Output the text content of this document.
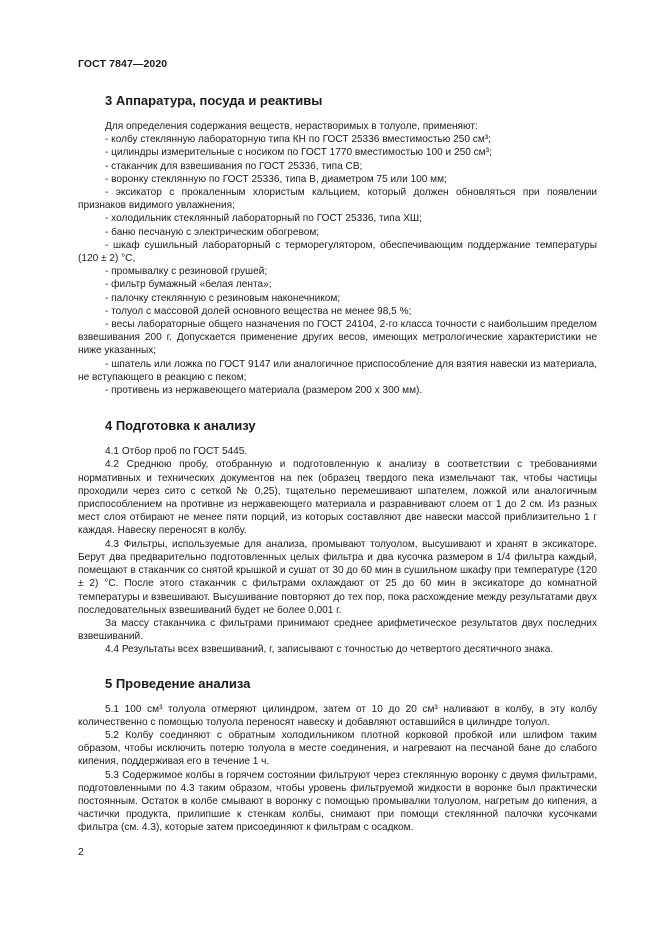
ГОСТ 7847—2020
3 Аппаратура, посуда и реактивы

Для определения содержания веществ, нерастворимых в толуоле, применяют:

- колбу стеклянную лабораторную типа КН по ГОСТ 25336 вместимостью 250 см³;
- цилиндры измерительные с носиком по ГОСТ 1770 вместимостью 100 и 250 см³;
- стаканчик для взвешивания по ГОСТ 25336, типа СВ;
- воронку стеклянную по ГОСТ 25336, типа В, диаметром 75 или 100 мм;
- эксикатор с прокаленным хлористым кальцием, который должен обновляться при появлении признаков видимого увлажнения;
- холодильник стеклянный лабораторный по ГОСТ 25336, типа ХШ;
- баню песчаную с электрическим обогревом;
- шкаф сушильный лабораторный с терморегулятором, обеспечивающим поддержание температуры (120 ± 2) °С,
- промывалку с резиновой грушей;
- фильтр бумажный «белая лента»;
- палочку стеклянную с резиновым наконечником;
- толуол с массовой долей основного вещества не менее 98,5 %;
- весы лабораторные общего назначения по ГОСТ 24104, 2-го класса точности с наибольшим пределом взвешивания 200 г. Допускается применение других весов, имеющих метрологические характеристики не ниже указанных;
- шпатель или ложка по ГОСТ 9147 или аналогичное приспособление для взятия навески из материала, не вступающего в реакцию с пеком;
- противень из нержавеющего материала (размером 200 х 300 мм).
4 Подготовка к анализу

4.1 Отбор проб по ГОСТ 5445.

4.2 Среднюю пробу, отобранную и подготовленную к анализу в соответствии с требованиями нормативных и технических документов на пек (образец твердого пека измельчают так, чтобы частицы проходили через сито с сеткой № 0,25), тщательно перемешивают шпателем, ложкой или аналогичным приспособлением на противне из нержавеющего материала и разравнивают слоем от 1 до 2 см. Из разных мест слоя отбирают не менее пяти порций, из которых составляют две навески массой приблизительно 1 г каждая. Навеску переносят в колбу.

4.3 Фильтры, используемые для анализа, промывают толуолом, высушивают и хранят в эксикаторе. Берут два предварительно подготовленных целых фильтра и два кусочка размером в 1/4 фильтра каждый, помещают в стаканчик со снятой крышкой и сушат от 30 до 60 мин в сушильном шкафу при температуре (120 ± 2) °С. После этого стаканчик с фильтрами охлаждают от 25 до 60 мин в эксикаторе до комнатной температуры и взвешивают. Высушивание повторяют до тех пор, пока расхождение между результатами двух последовательных взвешиваний будет не более 0,001 г.

За массу стаканчика с фильтрами принимают среднее арифметическое результатов двух последних взвешиваний.

4.4 Результаты всех взвешиваний, г, записывают с точностью до четвертого десятичного знака.

5 Проведение анализа

5.1 100 см³ толуола отмеряют цилиндром, затем от 10 до 20 см³ наливают в колбу, в эту колбу количественно с помощью толуола переносят навеску и добавляют оставшийся в цилиндре толуол.

5.2 Колбу соединяют с обратным холодильником плотной корковой пробкой или шлифом таким образом, чтобы исключить потерю толуола в месте соединения, и нагревают на песчаной бане до слабого кипения, поддерживая его в течение 1 ч.

5.3 Содержимое колбы в горячем состоянии фильтруют через стеклянную воронку с двумя фильтрами, подготовленными по 4.3 таким образом, чтобы уровень фильтруемой жидкости в воронке был практически постоянным. Остаток в колбе смывают в воронку с помощью промывалки толуолом, нагретым до кипения, а частички продукта, прилипшие к стенкам колбы, снимают при помощи стеклянной палочки кусочками фильтра (см. 4.3), которые затем присоединяют к фильтрам с осадком.

2
